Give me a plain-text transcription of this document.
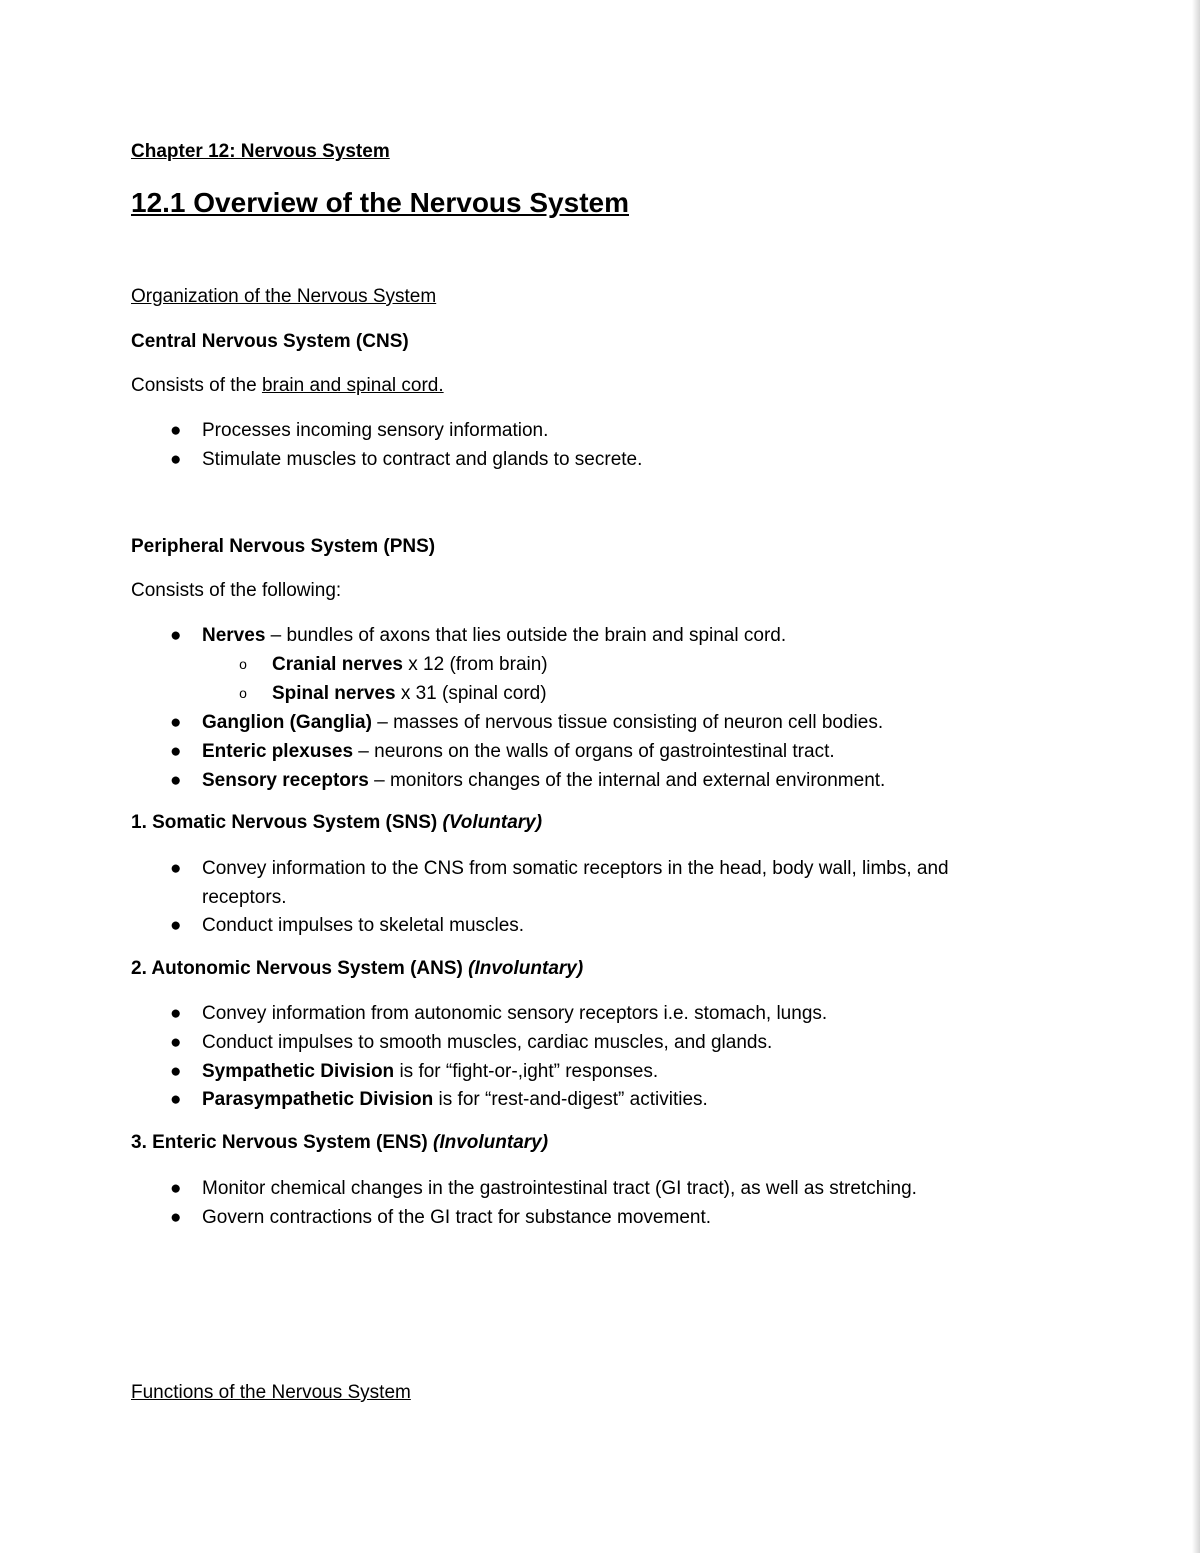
Chapter 12: Nervous System
12.1 Overview of the Nervous System
Organization of the Nervous System
Central Nervous System (CNS)
Consists of the brain and spinal cord.
● Processes incoming sensory information.
● Stimulate muscles to contract and glands to secrete.
Peripheral Nervous System (PNS)
Consists of the following:
● Nerves – bundles of axons that lies outside the brain and spinal cord.
o Cranial nerves x 12 (from brain)
o Spinal nerves x 31 (spinal cord)
● Ganglion (Ganglia) – masses of nervous tissue consisting of neuron cell bodies.
● Enteric plexuses – neurons on the walls of organs of gastrointestinal tract.
● Sensory receptors – monitors changes of the internal and external environment.
1. Somatic Nervous System (SNS) (Voluntary)
● Convey information to the CNS from somatic receptors in the head, body wall, limbs, and receptors.
● Conduct impulses to skeletal muscles.
2. Autonomic Nervous System (ANS) (Involuntary)
● Convey information from autonomic sensory receptors i.e. stomach, lungs.
● Conduct impulses to smooth muscles, cardiac muscles, and glands.
● Sympathetic Division is for “fight-or-,ight” responses.
● Parasympathetic Division is for “rest-and-digest” activities.
3. Enteric Nervous System (ENS) (Involuntary)
● Monitor chemical changes in the gastrointestinal tract (GI tract), as well as stretching.
● Govern contractions of the GI tract for substance movement.
Functions of the Nervous System
